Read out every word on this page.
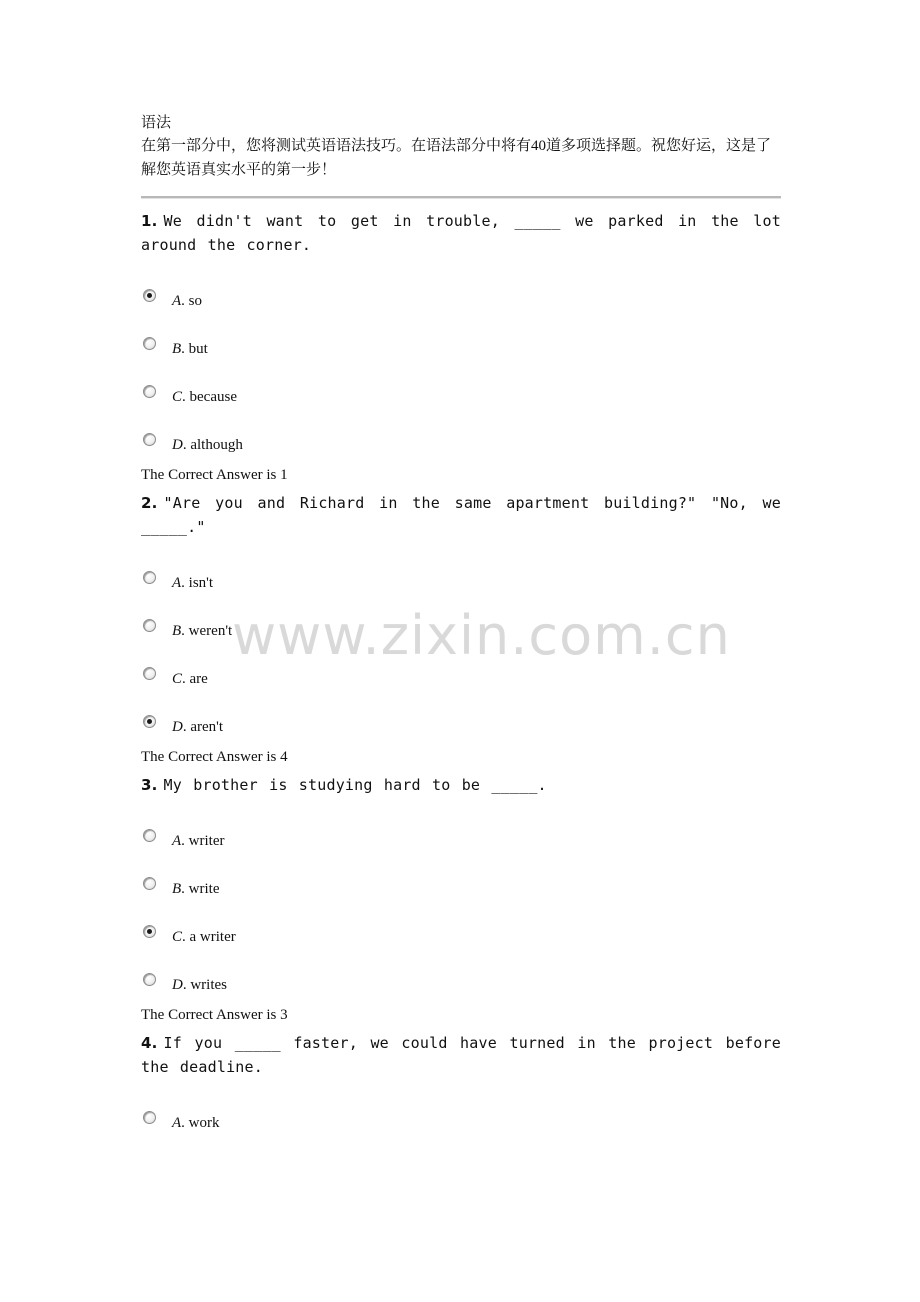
语法
在第一部分中，您将测试英语语法技巧。在语法部分中将有40道多项选择题。祝您好运，这是了解您英语真实水平的第一步！
1. We didn't want to get in trouble, _____ we parked in the lot around the corner.
A. so
B. but
C. because
D. although
The Correct Answer is 1
2. "Are you and Richard in the same apartment building?" "No, we _____."
A. isn't
B. weren't
C. are
D. aren't
The Correct Answer is 4
3. My brother is studying hard to be _____.
A. writer
B. write
C. a writer
D. writes
The Correct Answer is 3
4. If you _____ faster, we could have turned in the project before the deadline.
A. work
www.zixin.com.cn
